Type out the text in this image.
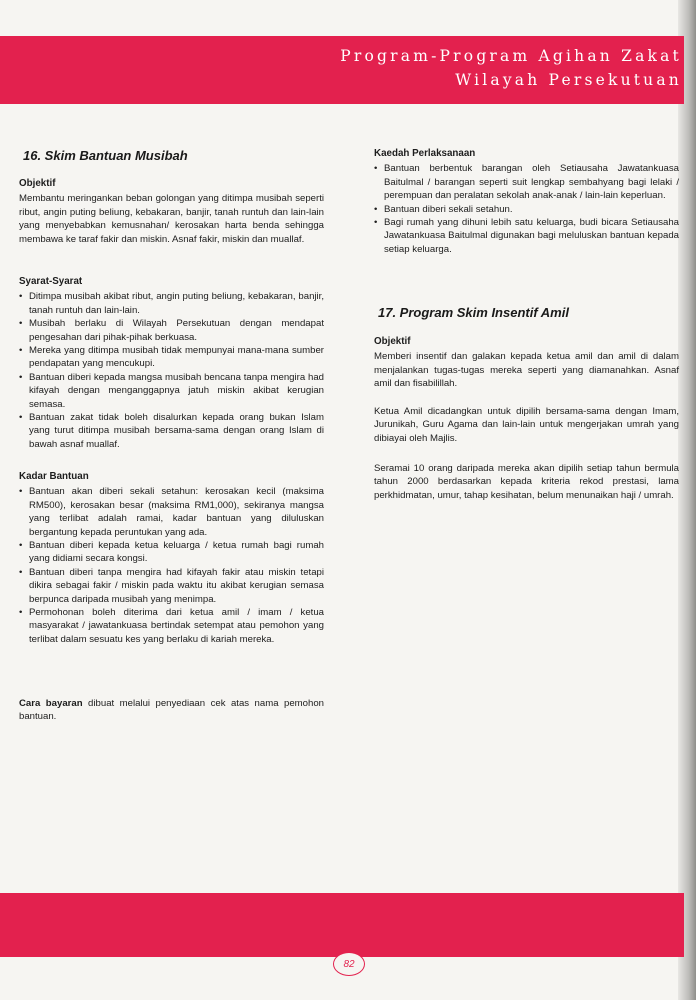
Program-Program Agihan Zakat
Wilayah Persekutuan
16. Skim Bantuan Musibah
Objektif

Membantu meringankan beban golongan yang ditimpa musibah seperti ribut, angin puting beliung, kebakaran, banjir, tanah runtuh dan lain-lain yang menyebabkan kemusnahan/ kerosakan harta benda sehingga membawa ke taraf fakir dan miskin. Asnaf fakir, miskin dan muallaf.

Syarat-Syarat
• Ditimpa musibah akibat ribut, angin puting beliung, kebakaran, banjir, tanah runtuh dan lain-lain.
• Musibah berlaku di Wilayah Persekutuan dengan mendapat pengesahan dari pihak-pihak berkuasa.
• Mereka yang ditimpa musibah tidak mempunyai mana-mana sumber pendapatan yang mencukupi.
• Bantuan diberi kepada mangsa musibah bencana tanpa mengira had kifayah dengan menganggapnya jatuh miskin akibat kerugian semasa.
• Bantuan zakat tidak boleh disalurkan kepada orang bukan Islam yang turut ditimpa musibah bersama-sama dengan orang Islam di bawah asnaf muallaf.
Kadar Bantuan
• Bantuan akan diberi sekali setahun: kerosakan kecil (maksima RM500), kerosakan besar (maksima RM1,000), sekiranya mangsa yang terlibat adalah ramai, kadar bantuan yang diluluskan bergantung kepada peruntukan yang ada.
• Bantuan diberi kepada ketua keluarga / ketua rumah bagi rumah yang didiami secara kongsi.
• Bantuan diberi tanpa mengira had kifayah fakir atau miskin tetapi dikira sebagai fakir / miskin pada waktu itu akibat kerugian semasa berpunca daripada musibah yang menimpa.
• Permohonan boleh diterima dari ketua amil / imam / ketua masyarakat / jawatankuasa bertindak setempat atau pemohon yang terlibat dalam sesuatu kes yang berlaku di kariah mereka.

Cara bayaran dibuat melalui penyediaan cek atas nama pemohon bantuan.

Kaedah Perlaksanaan
• Bantuan berbentuk barangan oleh Setiausaha Jawatankuasa Baitulmal / barangan seperti suit lengkap sembahyang bagi lelaki / perempuan dan peralatan sekolah anak-anak / lain-lain keperluan.
• Bantuan diberi sekali setahun.
• Bagi rumah yang dihuni lebih satu keluarga, budi bicara Setiausaha Jawatankuasa Baitulmal digunakan bagi meluluskan bantuan kepada setiap keluarga.
17. Program Skim Insentif Amil
Objektif

Memberi insentif dan galakan kepada ketua amil dan amil di dalam menjalankan tugas-tugas mereka seperti yang diamanahkan. Asnaf amil dan fisabilillah.

Ketua Amil dicadangkan untuk dipilih bersama-sama dengan Imam, Jurunikah, Guru Agama dan lain-lain untuk mengerjakan umrah yang dibiayai oleh Majlis.

Seramai 10 orang daripada mereka akan dipilih setiap tahun bermula tahun 2000 berdasarkan kepada kriteria rekod prestasi, lama perkhidmatan, umur, tahap kesihatan, belum menunaikan haji / umrah.

82
